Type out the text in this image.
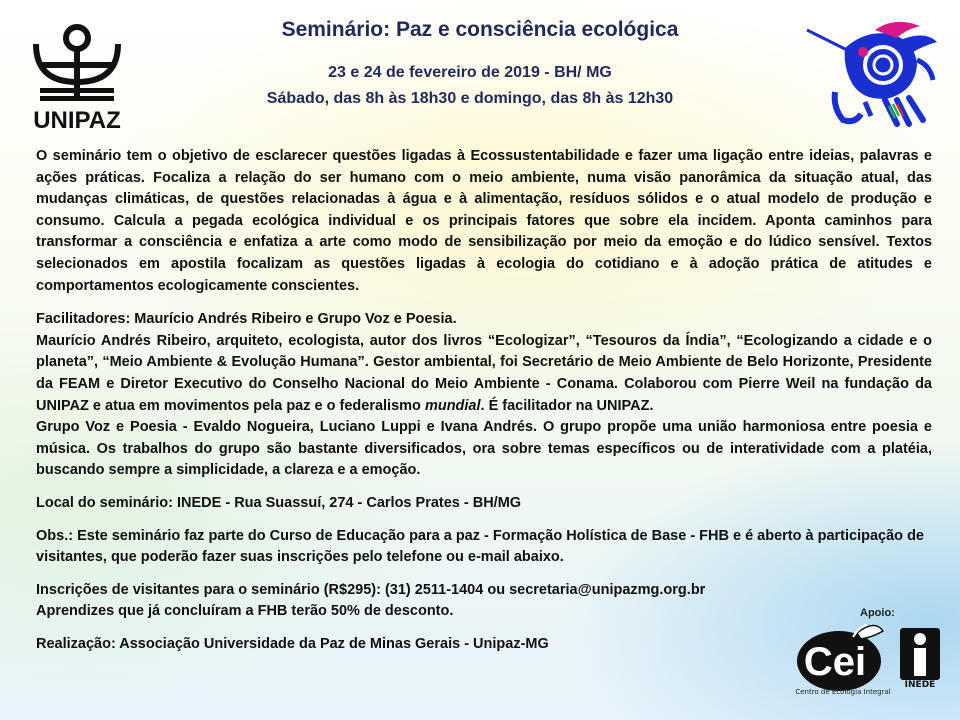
UNIPAZ
Seminário: Paz e consciência ecológica
23 e 24 de fevereiro de 2019 - BH/ MG
Sábado, das 8h às 18h30 e domingo, das 8h às 12h30

O seminário tem o objetivo de esclarecer questões ligadas à Ecossustentabilidade e fazer uma ligação entre ideias, palavras e ações práticas. Focaliza a relação do ser humano com o meio ambiente, numa visão panorâmica da situação atual, das mudanças climáticas, de questões relacionadas à água e à alimentação, resíduos sólidos e o atual modelo de produção e consumo. Calcula a pegada ecológica individual e os principais fatores que sobre ela incidem. Aponta caminhos para transformar a consciência e enfatiza a arte como modo de sensibilização por meio da emoção e do lúdico sensível. Textos selecionados em apostila focalizam as questões ligadas à ecologia do cotidiano e à adoção prática de atitudes e comportamentos ecologicamente conscientes.

Facilitadores: Maurício Andrés Ribeiro e Grupo Voz e Poesia.

Maurício Andrés Ribeiro, arquiteto, ecologista, autor dos livros “Ecologizar”, “Tesouros da Índia”, “Ecologizando a cidade e o planeta”, “Meio Ambiente & Evolução Humana”. Gestor ambiental, foi Secretário de Meio Ambiente de Belo Horizonte, Presidente da FEAM e Diretor Executivo do Conselho Nacional do Meio Ambiente - Conama. Colaborou com Pierre Weil na fundação da UNIPAZ e atua em movimentos pela paz e o federalismo mundial. É facilitador na UNIPAZ.

Grupo Voz e Poesia - Evaldo Nogueira, Luciano Luppi e Ivana Andrés. O grupo propõe uma união harmoniosa entre poesia e música. Os trabalhos do grupo são bastante diversificados, ora sobre temas específicos ou de interatividade com a platéia, buscando sempre a simplicidade, a clareza e a emoção.

Local do seminário: INEDE - Rua Suassuí, 274 - Carlos Prates - BH/MG

Obs.: Este seminário faz parte do Curso de Educação para a paz - Formação Holística de Base - FHB e é aberto à participação de visitantes, que poderão fazer suas inscrições pelo telefone ou e-mail abaixo.

Inscrições de visitantes para o seminário (R$295): (31) 2511-1404 ou secretaria@unipazmg.org.br

Aprendizes que já concluíram a FHB terão 50% de desconto.

Realização: Associação Universidade da Paz de Minas Gerais - Unipaz-MG

Apoio:
Cei
Centro de Ecologia Integral
INEDE
